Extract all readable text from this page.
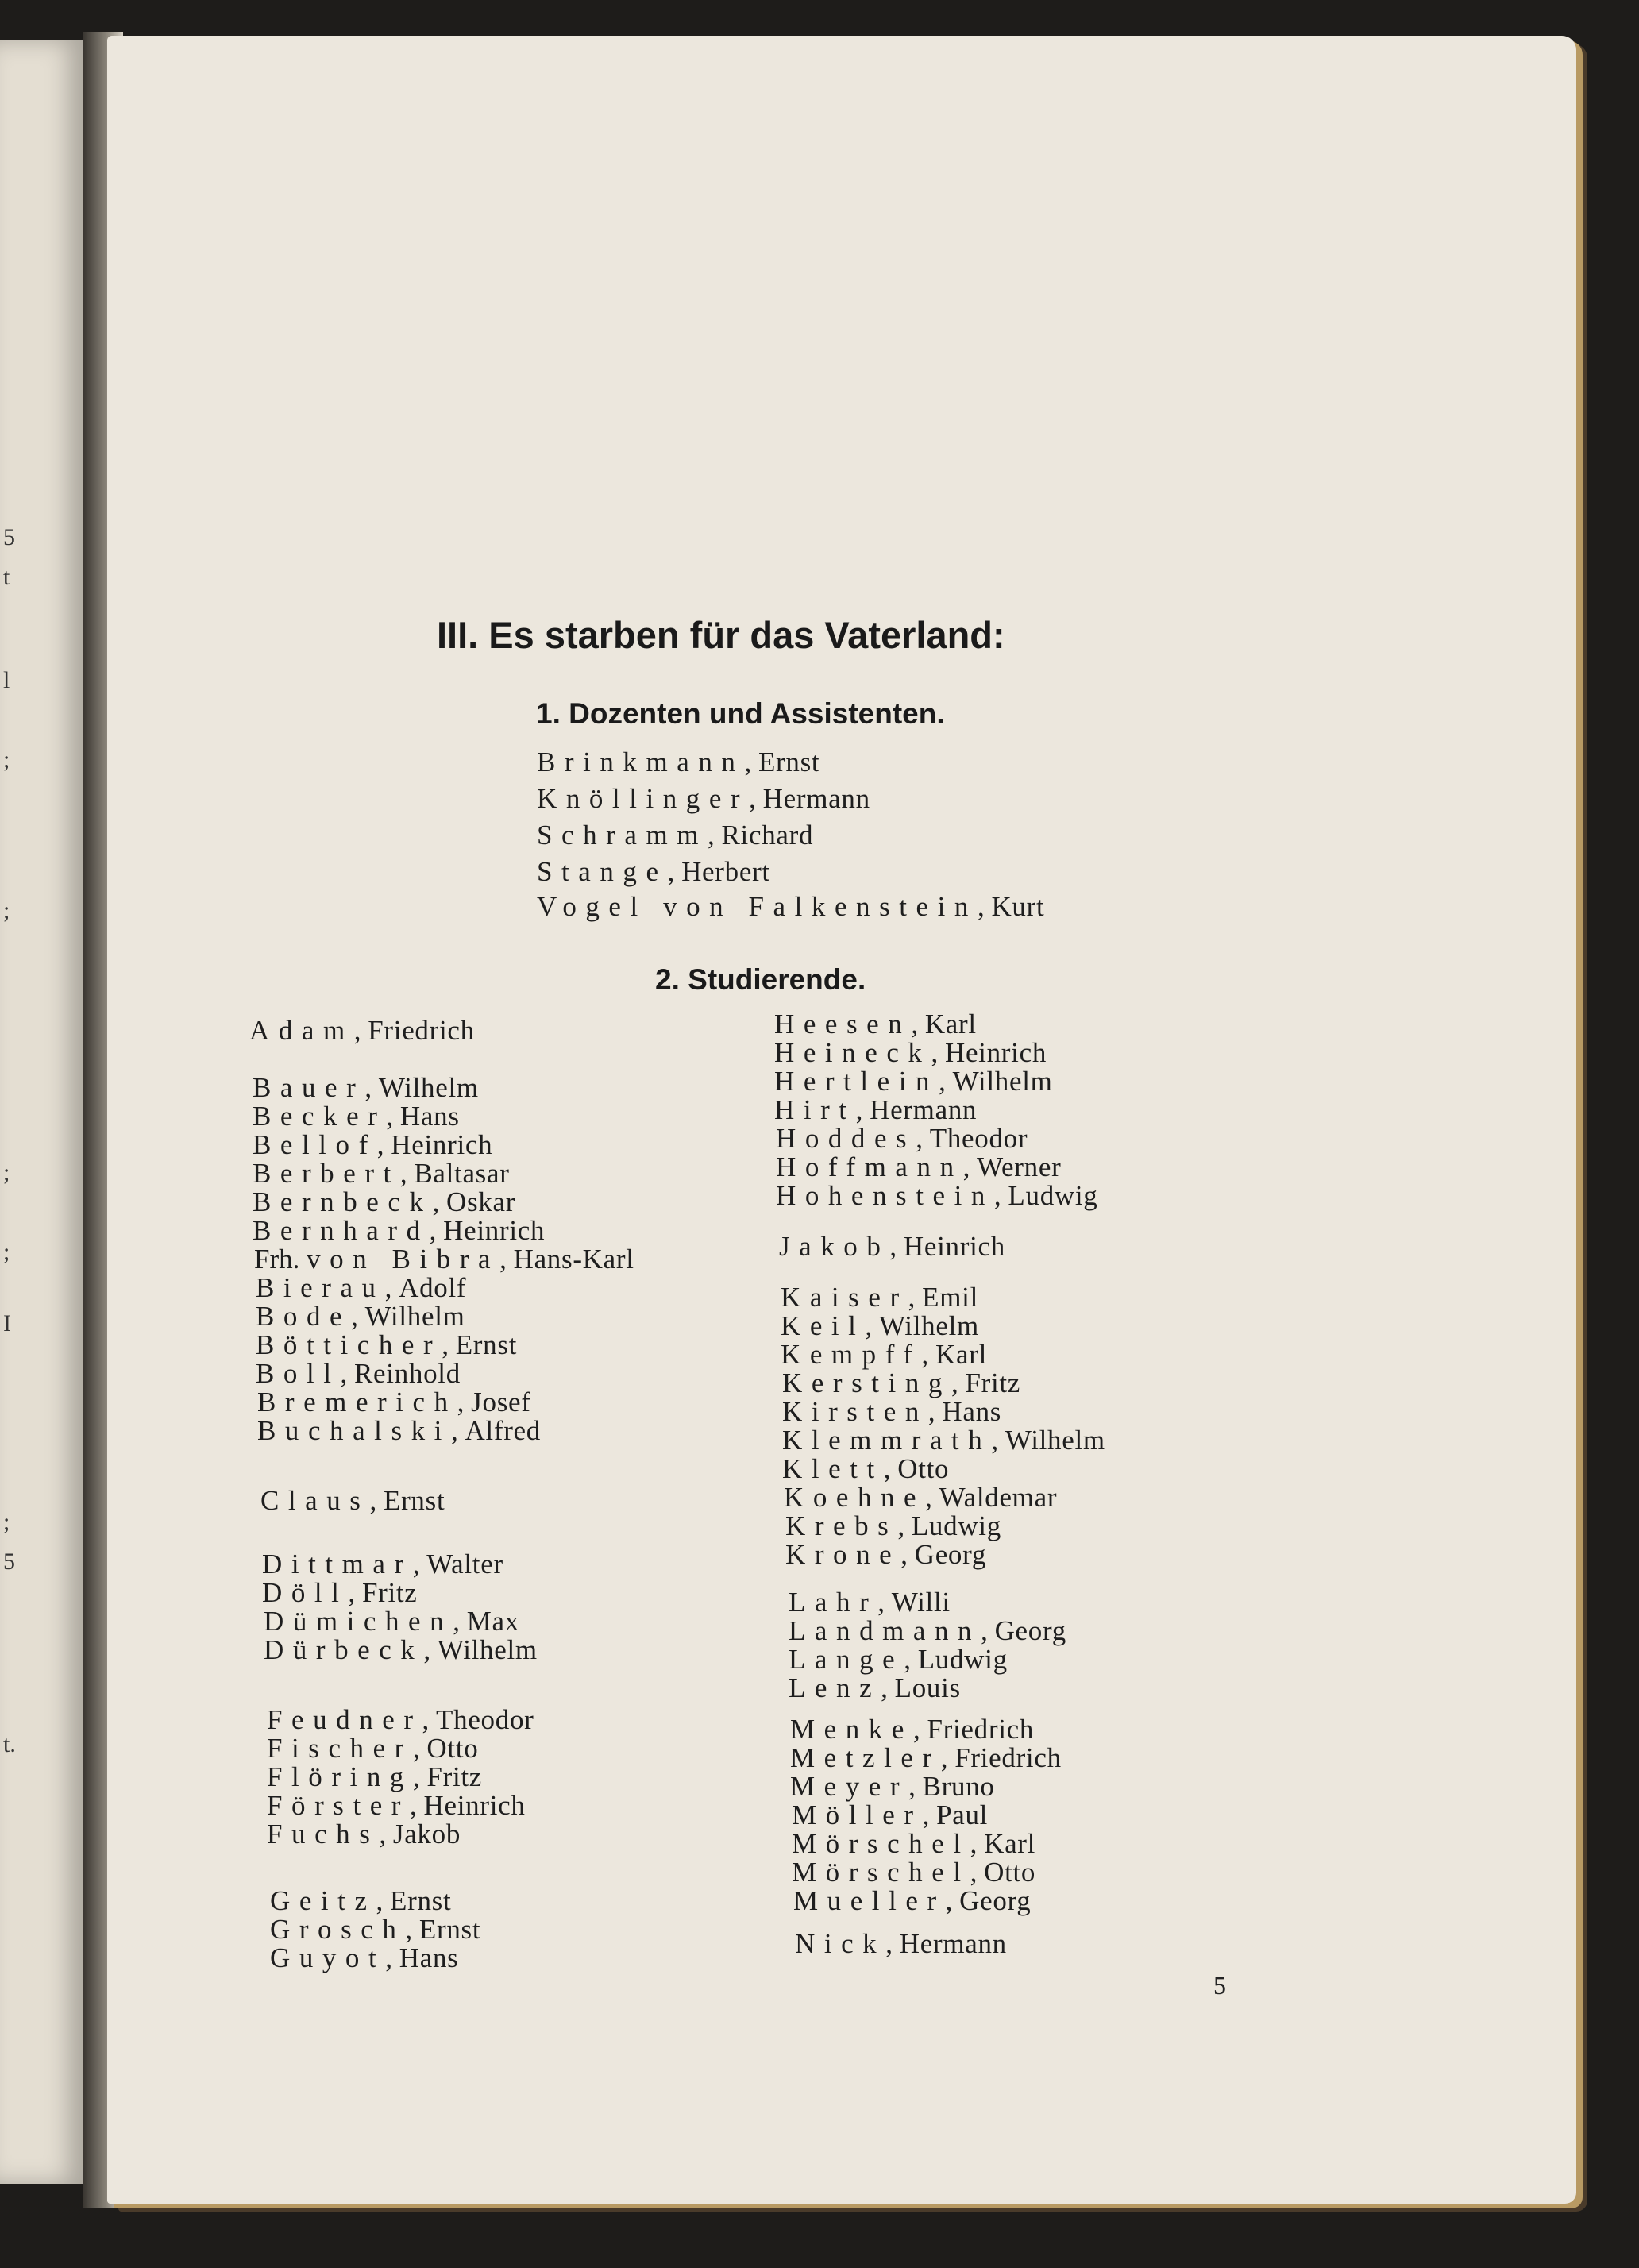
5
t
l
;
;
;
;
I
;
5
t.
III. Es starben für das Vaterland:
1. Dozenten und Assistenten.
2. Studierende.
Brinkmann, Ernst
Knöllinger, Hermann
Schramm, Richard
Stange, Herbert
Vogel von Falkenstein, Kurt
Adam, Friedrich
Bauer, Wilhelm
Becker, Hans
Bellof, Heinrich
Berbert, Baltasar
Bernbeck, Oskar
Bernhard, Heinrich
Frh. von Bibra, Hans-Karl
Bierau, Adolf
Bode, Wilhelm
Bötticher, Ernst
Boll, Reinhold
Bremerich, Josef
Buchalski, Alfred
Claus, Ernst
Dittmar, Walter
Döll, Fritz
Dümichen, Max
Dürbeck, Wilhelm
Feudner, Theodor
Fischer, Otto
Flöring, Fritz
Förster, Heinrich
Fuchs, Jakob
Geitz, Ernst
Grosch, Ernst
Guyot, Hans
Heesen, Karl
Heineck, Heinrich
Hertlein, Wilhelm
Hirt, Hermann
Hoddes, Theodor
Hoffmann, Werner
Hohenstein, Ludwig
Jakob, Heinrich
Kaiser, Emil
Keil, Wilhelm
Kempff, Karl
Kersting, Fritz
Kirsten, Hans
Klemmrath, Wilhelm
Klett, Otto
Koehne, Waldemar
Krebs, Ludwig
Krone, Georg
Lahr, Willi
Landmann, Georg
Lange, Ludwig
Lenz, Louis
Menke, Friedrich
Metzler, Friedrich
Meyer, Bruno
Möller, Paul
Mörschel, Karl
Mörschel, Otto
Mueller, Georg
Nick, Hermann
5
